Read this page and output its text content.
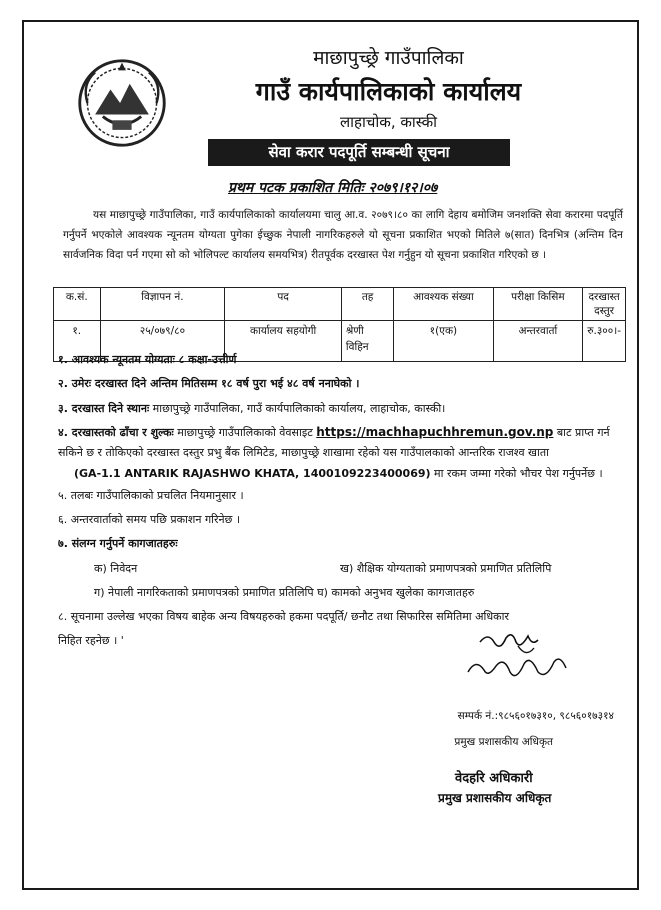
माछापुच्छ्रे गाउँपालिका
गाउँ कार्यपालिकाको कार्यालय
लाहाचोक, कास्की
सेवा करार पदपूर्ति सम्बन्धी सूचना
प्रथम पटक प्रकाशित मितिः २०७९।१२।०७
यस माछापुच्छ्रे गाउँपालिका, गाउँ कार्यपालिकाको कार्यालयमा चालु आ.व. २०७९।८० का लागि देहाय बमोजिम जनशक्ति सेवा करारमा पदपूर्ति गर्नुपर्ने भएकोले आवश्यक न्यूनतम योग्यता पुगेका ईच्छुक नेपाली नागरिकहरुले यो सूचना प्रकाशित भएको मितिले ७(सात) दिनभित्र (अन्तिम दिन सार्वजनिक विदा पर्न गएमा सो को भोलिपल्ट कार्यालय समयभित्र) रीतपूर्वक दरखास्त पेश गर्नुहुन यो सूचना प्रकाशित गरिएको छ ।
क.सं.	विज्ञापन नं.	पद	तह	आवश्यक संख्या	परीक्षा किसिम	दरखास्त दस्तुर
१.	२५/०७९/८०	कार्यालय सहयोगी	श्रेणी विहिन	१(एक)	अन्तरवार्ता	रु.३००।-
१. आवश्यक न्यूनतम योग्यताः ८ कक्षा-उत्तीर्ण
२. उमेरः दरखास्त दिने अन्तिम मितिसम्म १८ वर्ष पुरा भई ४८ वर्ष ननाघेको ।
३. दरखास्त दिने स्थानः माछापुच्छ्रे गाउँपालिका, गाउँ कार्यपालिकाको कार्यालय, लाहाचोक, कास्की।
४. दरखास्तको ढाँचा र शुल्कः माछापुच्छ्रे गाउँपालिकाको वेवसाइट https://machhapuchhremun.gov.np बाट प्राप्त गर्न
सकिने छ र तोकिएको दरखास्त दस्तुर प्रभु बैंक लिमिटेड, माछापुच्छ्रे शाखामा रहेको यस गाउँपालकाको आन्तरिक राजश्व खाता
(GA-1.1 ANTARIK RAJASHWO KHATA, 1400109223400069) मा रकम जम्मा गरेको भौचर पेश गर्नुपर्नेछ ।
५. तलबः गाउँपालिकाको प्रचलित नियमानुसार ।
६. अन्तरवार्ताको समय पछि प्रकाशन गरिनेछ ।
७. संलग्न गर्नुपर्ने कागजातहरुः
क) निवेदन	ख) शैक्षिक योग्यताको प्रमाणपत्रको प्रमाणित प्रतिलिपि
ग) नेपाली नागरिकताको प्रमाणपत्रको प्रमाणित प्रतिलिपि घ) कामको अनुभव खुलेका कागजातहरु
८. सूचनामा उल्लेख भएका विषय बाहेक अन्य विषयहरुको हकमा पदपूर्ति/ छनौट तथा सिफारिस समितिमा अधिकार
निहित रहनेछ । '
सम्पर्क नं.:९८५६०१७३१०, ९८५६०१७३१४
प्रमुख प्रशासकीय अधिकृत
वेदहरि अधिकारी
प्रमुख प्रशासकीय अधिकृत
